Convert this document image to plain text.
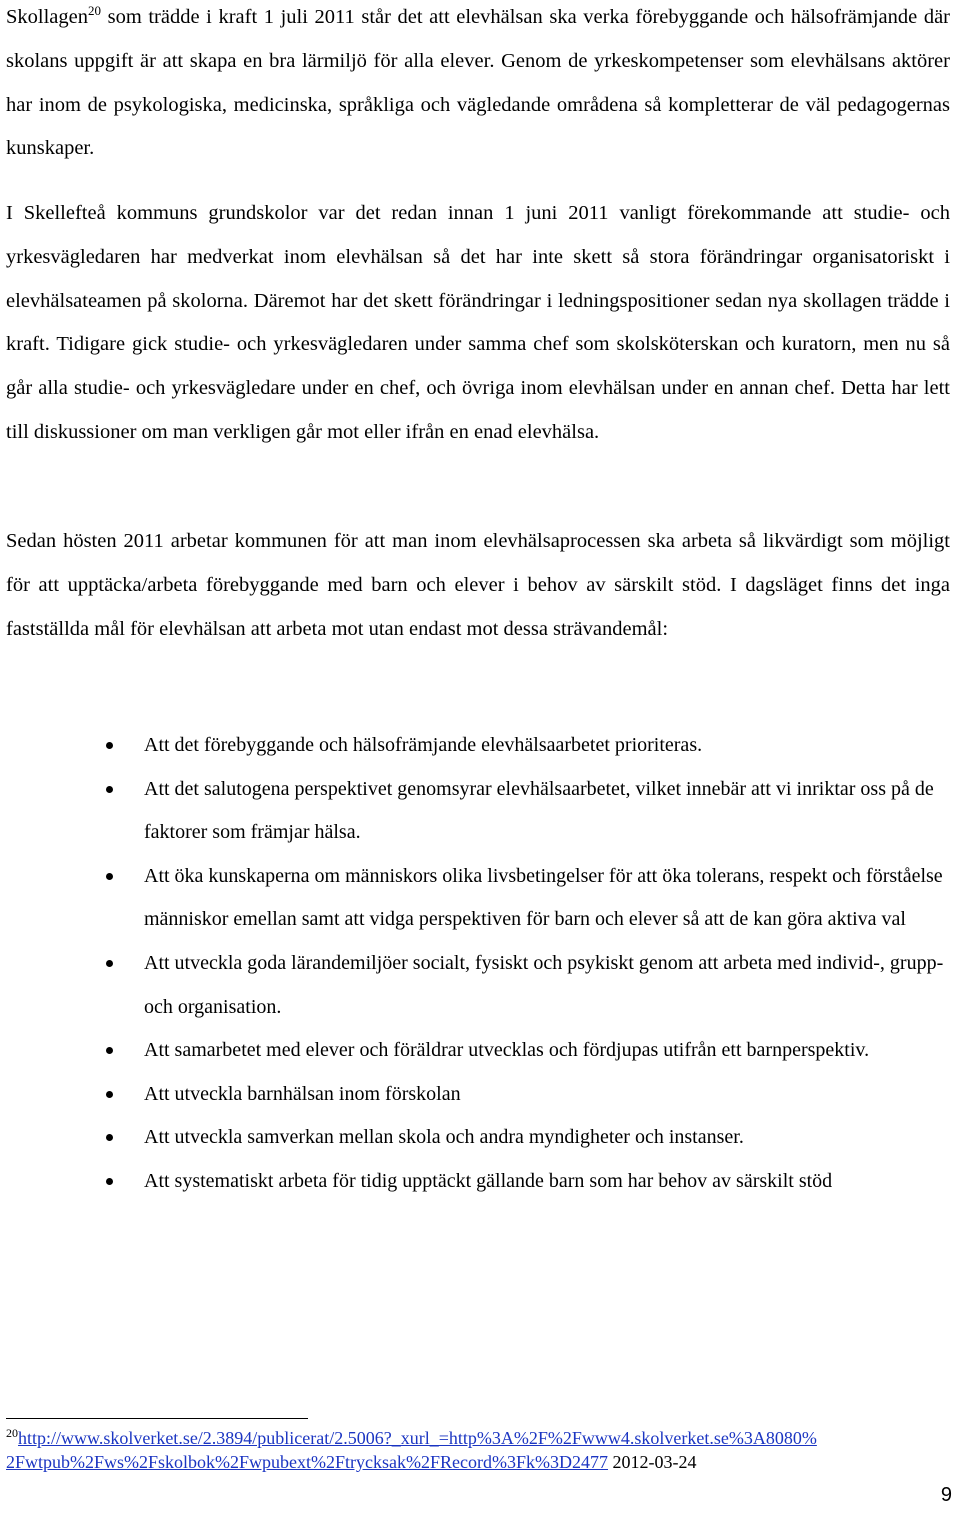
Skollagen$^{20}$ som trädde i kraft 1 juli 2011 står det att elevhälsan ska verka förebyggande och hälsofrämjande där skolans uppgift är att skapa en bra lärmiljö för alla elever. Genom de yrkeskompetenser som elevhälsans aktörer har inom de psykologiska, medicinska, språkliga och vägledande områdena så kompletterar de väl pedagogernas kunskaper.

I Skellefteå kommuns grundskolor var det redan innan 1 juni 2011 vanligt förekommande att studie- och yrkesvägledaren har medverkat inom elevhälsan så det har inte skett så stora förändringar organisatoriskt i elevhälsateamen på skolorna. Däremot har det skett förändringar i ledningspositioner sedan nya skollagen trädde i kraft. Tidigare gick studie- och yrkesvägledaren under samma chef som skolsköterskan och kuratorn, men nu så går alla studie- och yrkesvägledare under en chef, och övriga inom elevhälsan under en annan chef. Detta har lett till diskussioner om man verkligen går mot eller ifrån en enad elevhälsa.

Sedan hösten 2011 arbetar kommunen för att man inom elevhälsaprocessen ska arbeta så likvärdigt som möjligt för att upptäcka/arbeta förebyggande med barn och elever i behov av särskilt stöd. I dagsläget finns det inga fastställda mål för elevhälsan att arbeta mot utan endast mot dessa strävandemål:

Att det förebyggande och hälsofrämjande elevhälsaarbetet prioriteras.
Att det salutogena perspektivet genomsyrar elevhälsaarbetet, vilket innebär att vi inriktar oss på de faktorer som främjar hälsa.
Att öka kunskaperna om människors olika livsbetingelser för att öka tolerans, respekt och förståelse människor emellan samt att vidga perspektiven för barn och elever så att de kan göra aktiva val
Att utveckla goda lärandemiljöer socialt, fysiskt och psykiskt genom att arbeta med individ-, grupp- och organisation.
Att samarbetet med elever och föräldrar utvecklas och fördjupas utifrån ett barnperspektiv.
Att utveckla barnhälsan inom förskolan
Att utveckla samverkan mellan skola och andra myndigheter och instanser.
Att systematiskt arbeta för tidig upptäckt gällande barn som har behov av särskilt stöd
$^{20}$http://www.skolverket.se/2.3894/publicerat/2.5006?_xurl_=http%3A%2F%2Fwww4.skolverket.se%3A8080%
2Fwtpub%2Fws%2Fskolbok%2Fwpubext%2Ftrycksak%2FRecord%3Fk%3D2477 2012-03-24
9
